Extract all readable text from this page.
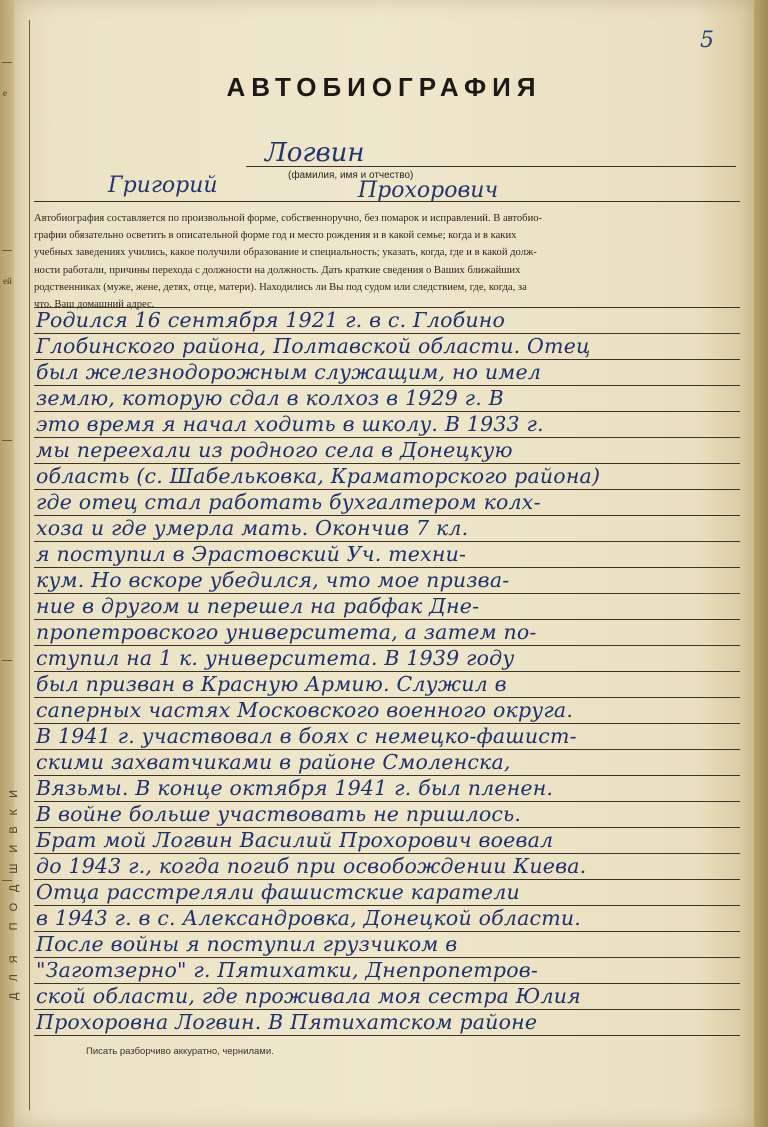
е
ей
ДЛЯ ПОДШИВКИ
5
АВТОБИОГРАФИЯ
Логвин
(фамилия, имя и отчество)
Григорий	Прохорович
Автобиография составляется по произвольной форме, собственноручно, без помарок и исправлений. В автобио-
графии обязательно осветить в описательной форме год и место рождения и в какой семье; когда и в каких
учебных заведениях учились, какое получили образование и специальность; указать, когда, где и в какой долж-
ности работали, причины перехода с должности на должность. Дать краткие сведения о Ваших ближайших
родственниках (муже, жене, детях, отце, матери). Находились ли Вы под судом или следствием, где, когда, за
что. Ваш домашний адрес.
Родился 16 сентября 1921 г. в с. Глобино
Глобинского района, Полтавской области. Отец
был железнодорожным служащим, но имел
землю, которую сдал в колхоз в 1929 г. В
это время я начал ходить в школу. В 1933 г.
мы переехали из родного села в Донецкую
область (с. Шабельковка, Краматорского района)
где отец стал работать бухгалтером колх-
хоза и где умерла мать. Окончив 7 кл.
я поступил в Эрастовский Уч. техни-
кум. Но вскоре убедился, что мое призва-
ние в другом и перешел на рабфак Дне-
пропетровского университета, а затем по-
ступил на 1 к. университета. В 1939 году
был призван в Красную Армию. Служил в
саперных частях Московского военного округа.
В 1941 г. участвовал в боях с немецко-фашист-
скими захватчиками в районе Смоленска,
Вязьмы. В конце октября 1941 г. был пленен.
В войне больше участвовать не пришлось.
Брат мой Логвин Василий Прохорович воевал
до 1943 г., когда погиб при освобождении Киева.
Отца расстреляли фашистские каратели
в 1943 г. в с. Александровка, Донецкой области.
После войны я поступил грузчиком в
"Заготзерно" г. Пятихатки, Днепропетров-
ской области, где проживала моя сестра Юлия
Прохоровна Логвин. В Пятихатском районе
Писать разборчиво аккуратно, чернилами.
